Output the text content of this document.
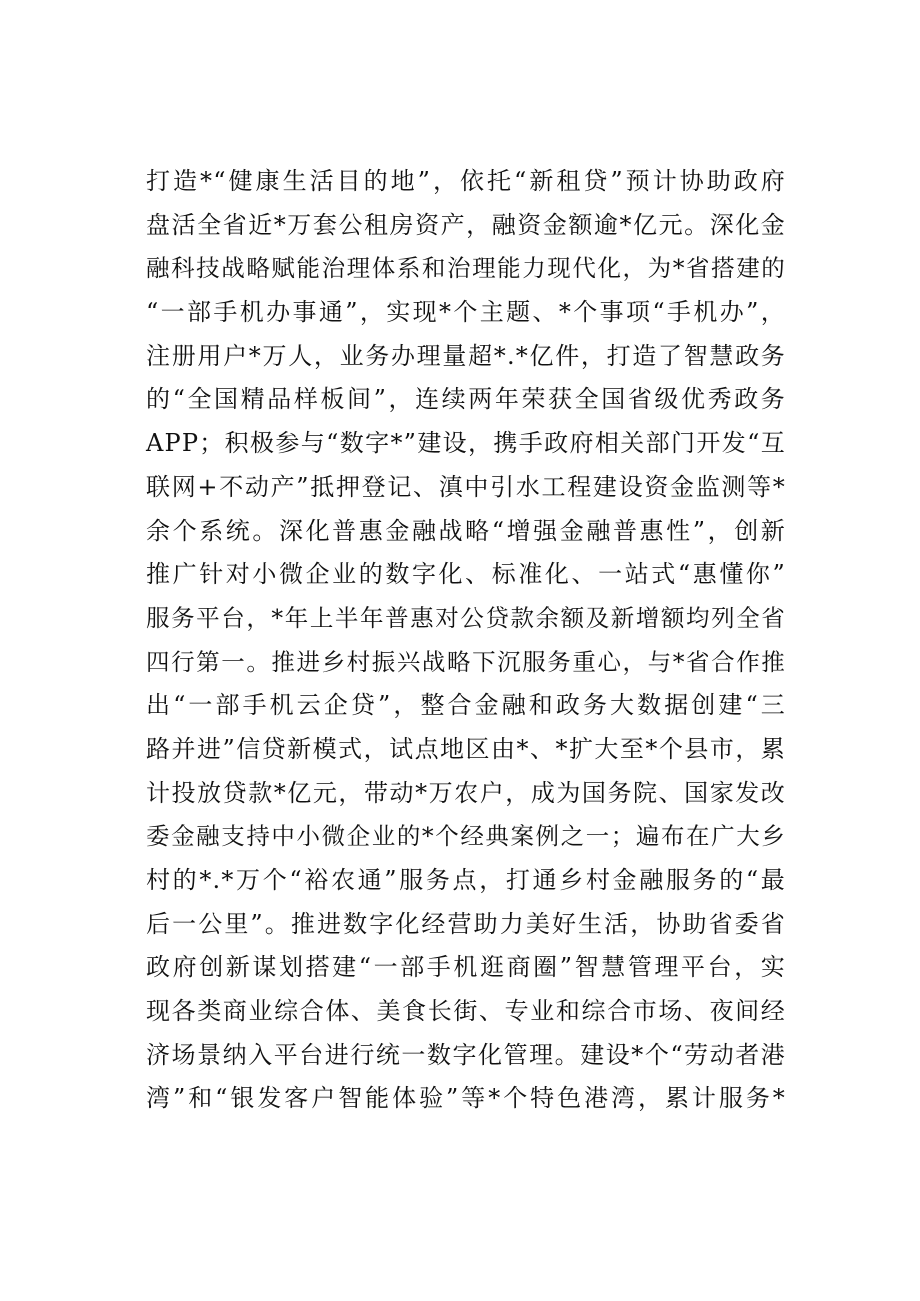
打造*“健康生活目的地”，依托“新租贷”预计协助政府
盘活全省近*万套公租房资产，融资金额逾*亿元。深化金
融科技战略赋能治理体系和治理能力现代化，为*省搭建的
“一部手机办事通”，实现*个主题、*个事项“手机办”，
注册用户*万人，业务办理量超*.*亿件，打造了智慧政务
的“全国精品样板间”，连续两年荣获全国省级优秀政务
APP；积极参与“数字*”建设，携手政府相关部门开发“互
联网+不动产”抵押登记、滇中引水工程建设资金监测等*
余个系统。深化普惠金融战略“增强金融普惠性”，创新
推广针对小微企业的数字化、标准化、一站式“惠懂你”
服务平台，*年上半年普惠对公贷款余额及新增额均列全省
四行第一。推进乡村振兴战略下沉服务重心，与*省合作推
出“一部手机云企贷”，整合金融和政务大数据创建“三
路并进”信贷新模式，试点地区由*、*扩大至*个县市，累
计投放贷款*亿元，带动*万农户，成为国务院、国家发改
委金融支持中小微企业的*个经典案例之一；遍布在广大乡
村的*.*万个“裕农通”服务点，打通乡村金融服务的“最
后一公里”。推进数字化经营助力美好生活，协助省委省
政府创新谋划搭建“一部手机逛商圈”智慧管理平台，实
现各类商业综合体、美食长街、专业和综合市场、夜间经
济场景纳入平台进行统一数字化管理。建设*个“劳动者港
湾”和“银发客户智能体验”等*个特色港湾，累计服务*
